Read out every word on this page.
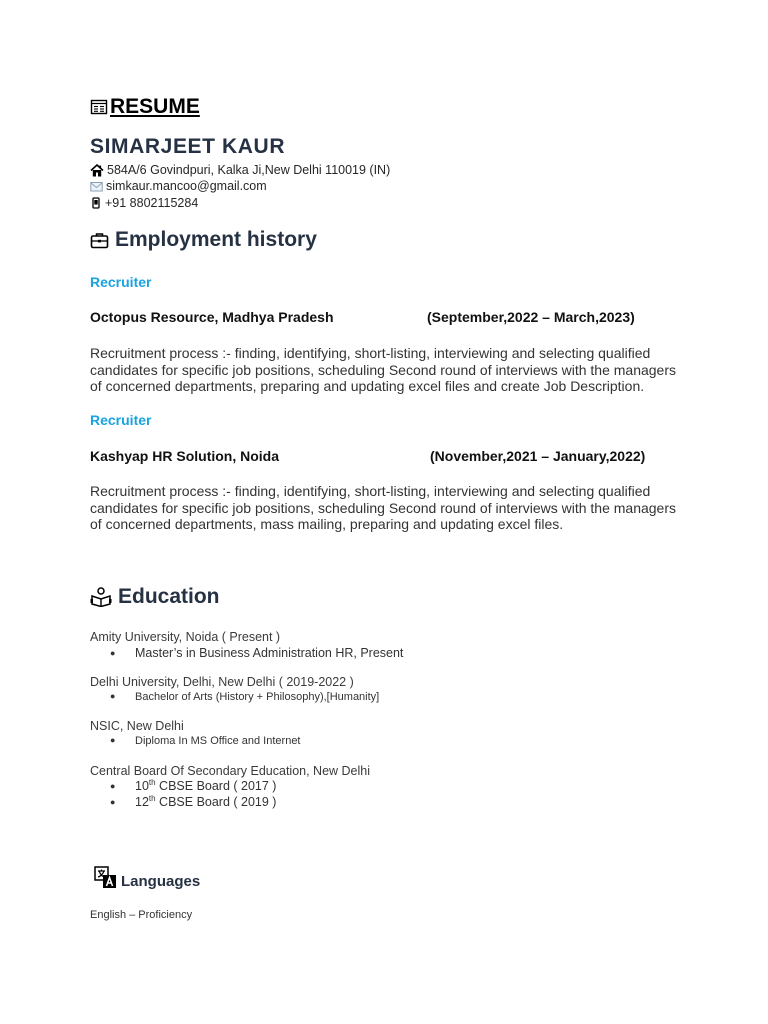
RESUME
SIMARJEET KAUR
584A/6 Govindpuri, Kalka Ji,New Delhi 110019 (IN)
simkaur.mancoo@gmail.com
+91 8802115284
Employment history
Recruiter
Octopus Resource, Madhya Pradesh	(September,2022 – March,2023)
Recruitment process :- finding, identifying, short-listing, interviewing and selecting qualified candidates for specific job positions, scheduling Second round of interviews with the managers of concerned departments, preparing and updating excel files and create Job Description.
Recruiter
Kashyap HR Solution, Noida	(November,2021 – January,2022)
Recruitment process :- finding, identifying, short-listing, interviewing and selecting qualified candidates for specific job positions, scheduling Second round of interviews with the managers of concerned departments, mass mailing, preparing and updating excel files.
Education
Amity University, Noida ( Present )
●	Master’s in Business Administration HR, Present
Delhi University, Delhi, New Delhi ( 2019-2022 )
●	Bachelor of Arts (History + Philosophy),[Humanity]
NSIC, New Delhi
●	Diploma In MS Office and Internet
Central Board Of Secondary Education, New Delhi
●	10th CBSE Board ( 2017 )
●	12th CBSE Board ( 2019 )
Languages
English – Proficiency
